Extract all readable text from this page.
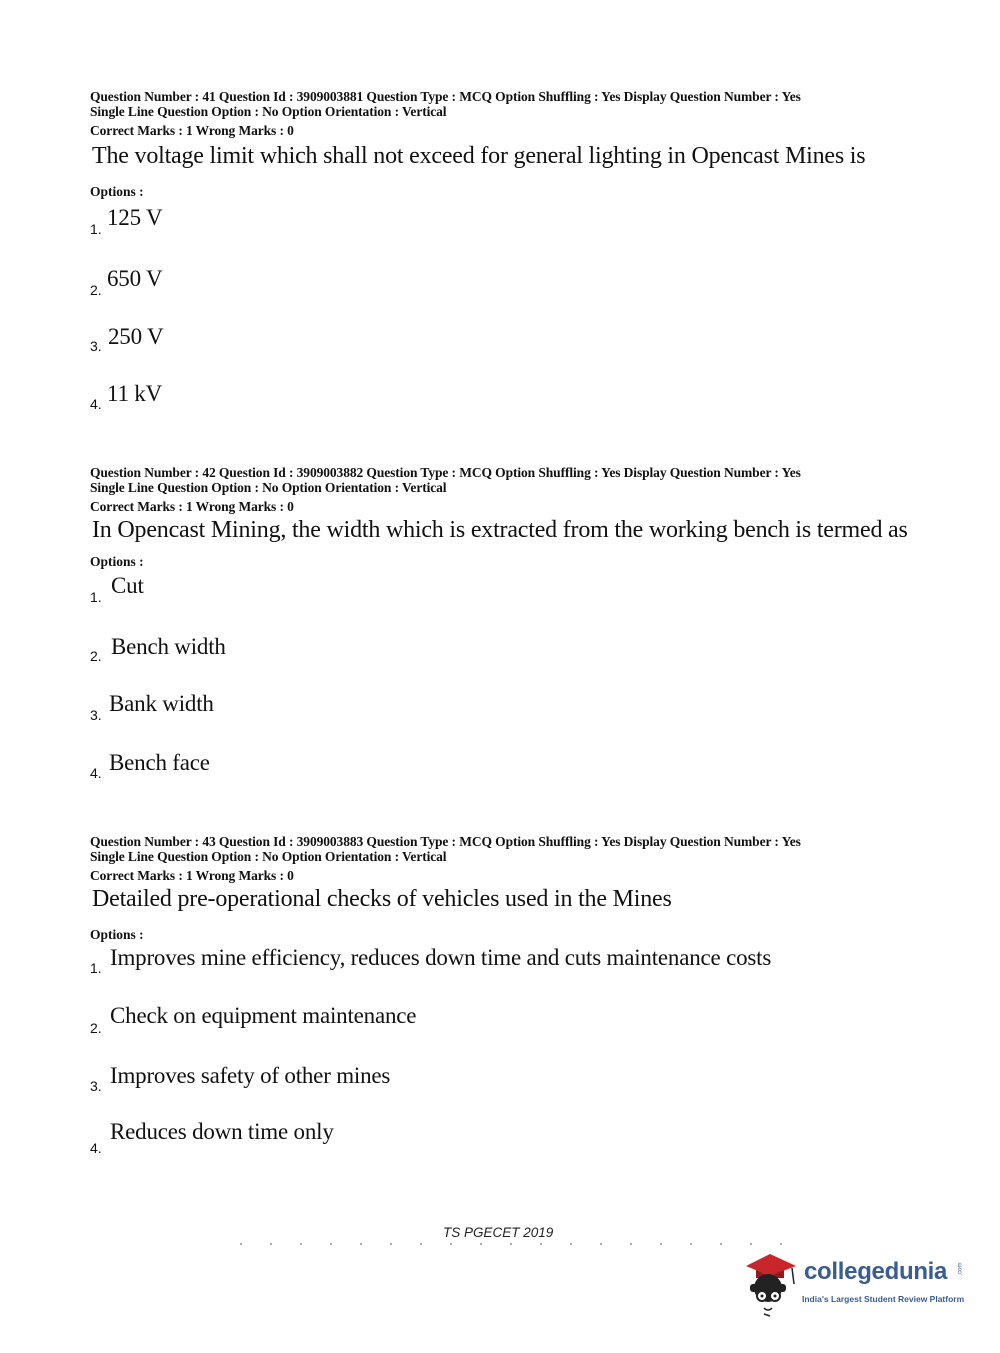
Question Number : 41 Question Id : 3909003881 Question Type : MCQ Option Shuffling : Yes Display Question Number : Yes
Single Line Question Option : No Option Orientation : Vertical
Correct Marks : 1 Wrong Marks : 0
The voltage limit which shall not exceed for general lighting in Opencast Mines is
Options :
1. 125 V
2. 650 V
3. 250 V
4. 11 kV
Question Number : 42 Question Id : 3909003882 Question Type : MCQ Option Shuffling : Yes Display Question Number : Yes
Single Line Question Option : No Option Orientation : Vertical
Correct Marks : 1 Wrong Marks : 0
In Opencast Mining, the width which is extracted from the working bench is termed as
Options :
1. Cut
2. Bench width
3. Bank width
4. Bench face
Question Number : 43 Question Id : 3909003883 Question Type : MCQ Option Shuffling : Yes Display Question Number : Yes
Single Line Question Option : No Option Orientation : Vertical
Correct Marks : 1 Wrong Marks : 0
Detailed pre-operational checks of vehicles used in the Mines
Options :
1. Improves mine efficiency, reduces down time and cuts maintenance costs
2. Check on equipment maintenance
3. Improves safety of other mines
4.
Reduces down time only
TS PGECET 2019
collegedunia .com
India's Largest Student Review Platform
